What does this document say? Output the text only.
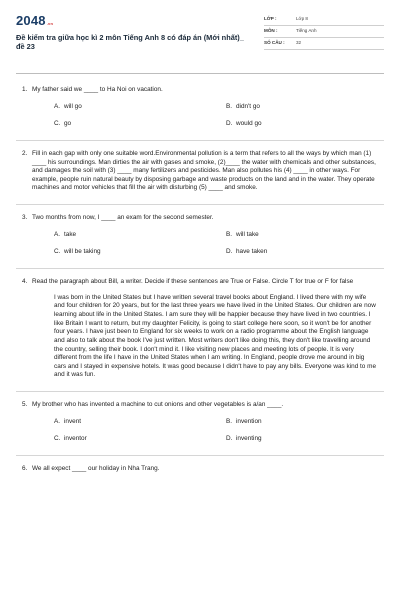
2048 .vn
Đề kiểm tra giữa học kì 2 môn Tiếng Anh 8 có đáp án (Mới nhất)_ đề 23
LỚP :	Lớp 8
MÔN :	Tiếng Anh
SỐ CÂU :	32
1. My father said we ____ to Ha Noi on vacation.
A. will go	B. didn't go
C. go	D. would go
2. Fill in each gap with only one suitable word.Environmental pollution is a term that refers to all the ways by which man (1) ____ his surroundings. Man dirties the air with gases and smoke, (2)____ the water with chemicals and other substances, and damages the soil with (3) ____ many fertilizers and pesticides. Man also pollutes his (4) ____ in other ways. For example, people ruin natural beauty by disposing garbage and waste products on the land and in the water. They operate machines and motor vehicles that fill the air with disturbing (5) ____ and smoke.
3. Two months from now, I ____ an exam for the second semester.
A. take	B. will take
C. will be taking	D. have taken
4. Read the paragraph about Bill, a writer. Decide if these sentences are True or False. Circle T for true or F for false
I was born in the United States but I have written several travel books about England. I lived there with my wife and four children for 20 years, but for the last three years we have lived in the United States. Our children are now learning about life in the United States. I am sure they will be happier because they have lived in two countries. I like Britain I want to return, but my daughter Felicity, is going to start college here soon, so it won't be for another four years. I have just been to England for six weeks to work on a radio programme about the English language and also to talk about the book I've just written. Most writers don't like doing this, they don't like travelling around the country, selling their book. I don't mind it. I like visiting new places and meeting lots of people. It is very different from the life I have in the United States when I am writing. In England, people drove me around in big cars and I stayed in expensive hotels. It was good because I didn't have to pay any bills. Everyone was kind to me and it was fun.
5. My brother who has invented a machine to cut onions and other vegetables is a/an ____.
A. invent	B. invention
C. inventor	D. inventing
6. We all expect ____ our holiday in Nha Trang.
